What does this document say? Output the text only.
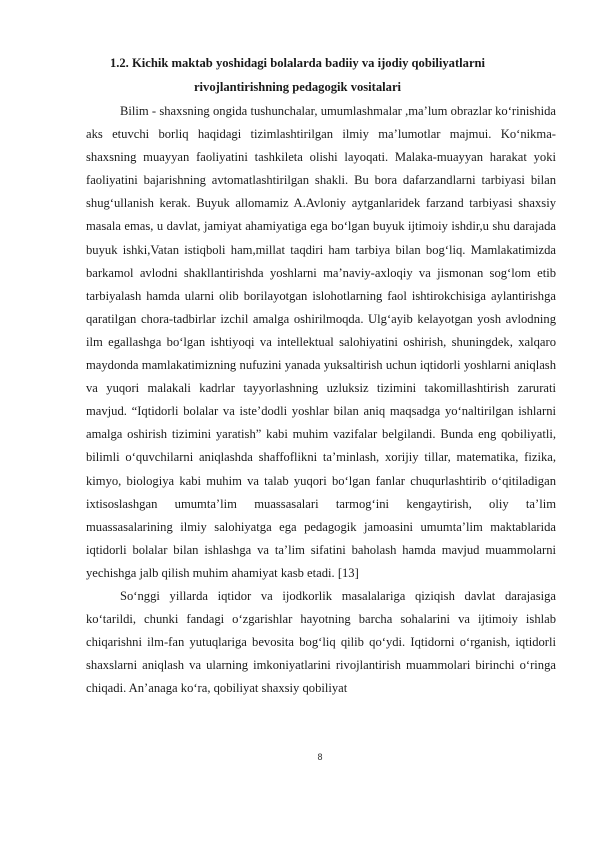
1.2. Kichik maktab yoshidagi bolalarda badiiy va ijodiy qobiliyatlarni
rivojlantirishning pedagogik vositalari

Bilim - shaxsning ongida tushunchalar, umumlashmalar ,ma’lum obrazlar ko‘rinishida aks etuvchi borliq haqidagi tizimlashtirilgan ilmiy ma’lumotlar majmui. Ko‘nikma-shaxsning muayyan faoliyatini tashkileta olishi layoqati. Malaka-muayyan harakat yoki faoliyatini bajarishning avtomatlashtirilgan shakli. Bu bora dafarzandlarni tarbiyasi bilan shug‘ullanish kerak. Buyuk allomamiz A.Avloniy aytganlaridek farzand tarbiyasi shaxsiy masala emas, u davlat, jamiyat ahamiyatiga ega bo‘lgan buyuk ijtimoiy ishdir,u shu darajada buyuk ishki,Vatan istiqboli ham,millat taqdiri ham tarbiya bilan bog‘liq. Mamlakatimizda barkamol avlodni shakllantirishda yoshlarni ma’naviy-axloqiy va jismonan sog‘lom etib tarbiyalash hamda ularni olib borilayotgan islohotlarning faol ishtirokchisiga aylantirishga qaratilgan chora-tadbirlar izchil amalga oshirilmoqda. Ulg‘ayib kelayotgan yosh avlodning ilm egallashga bo‘lgan ishtiyoqi va intellektual salohiyatini oshirish, shuningdek, xalqaro maydonda mamlakatimizning nufuzini yanada yuksaltirish uchun iqtidorli yoshlarni aniqlash va yuqori malakali kadrlar tayyorlashning uzluksiz tizimini takomillashtirish zarurati mavjud. “Iqtidorli bolalar va iste’dodli yoshlar bilan aniq maqsadga yo‘naltirilgan ishlarni amalga oshirish tizimini yaratish” kabi muhim vazifalar belgilandi. Bunda eng qobiliyatli, bilimli o‘quvchilarni aniqlashda shaffoflikni ta’minlash, xorijiy tillar, matematika, fizika, kimyo, biologiya kabi muhim va talab yuqori bo‘lgan fanlar chuqurlashtirib o‘qitiladigan ixtisoslashgan umumta’lim muassasalari tarmog‘ini kengaytirish, oliy ta’lim muassasalarining ilmiy salohiyatga ega pedagogik jamoasini umumta’lim maktablarida iqtidorli bolalar bilan ishlashga va ta’lim sifatini baholash hamda mavjud muammolarni yechishga jalb qilish muhim ahamiyat kasb etadi. [13]

So‘nggi yillarda iqtidor va ijodkorlik masalalariga qiziqish davlat darajasiga ko‘tarildi, chunki fandagi o‘zgarishlar hayotning barcha sohalarini va ijtimoiy ishlab chiqarishni ilm-fan yutuqlariga bevosita bog‘liq qilib qo‘ydi. Iqtidorni o‘rganish, iqtidorli shaxslarni aniqlash va ularning imkoniyatlarini rivojlantirish muammolari birinchi o‘ringa chiqadi. An’anaga ko‘ra, qobiliyat shaxsiy qobiliyat

8
